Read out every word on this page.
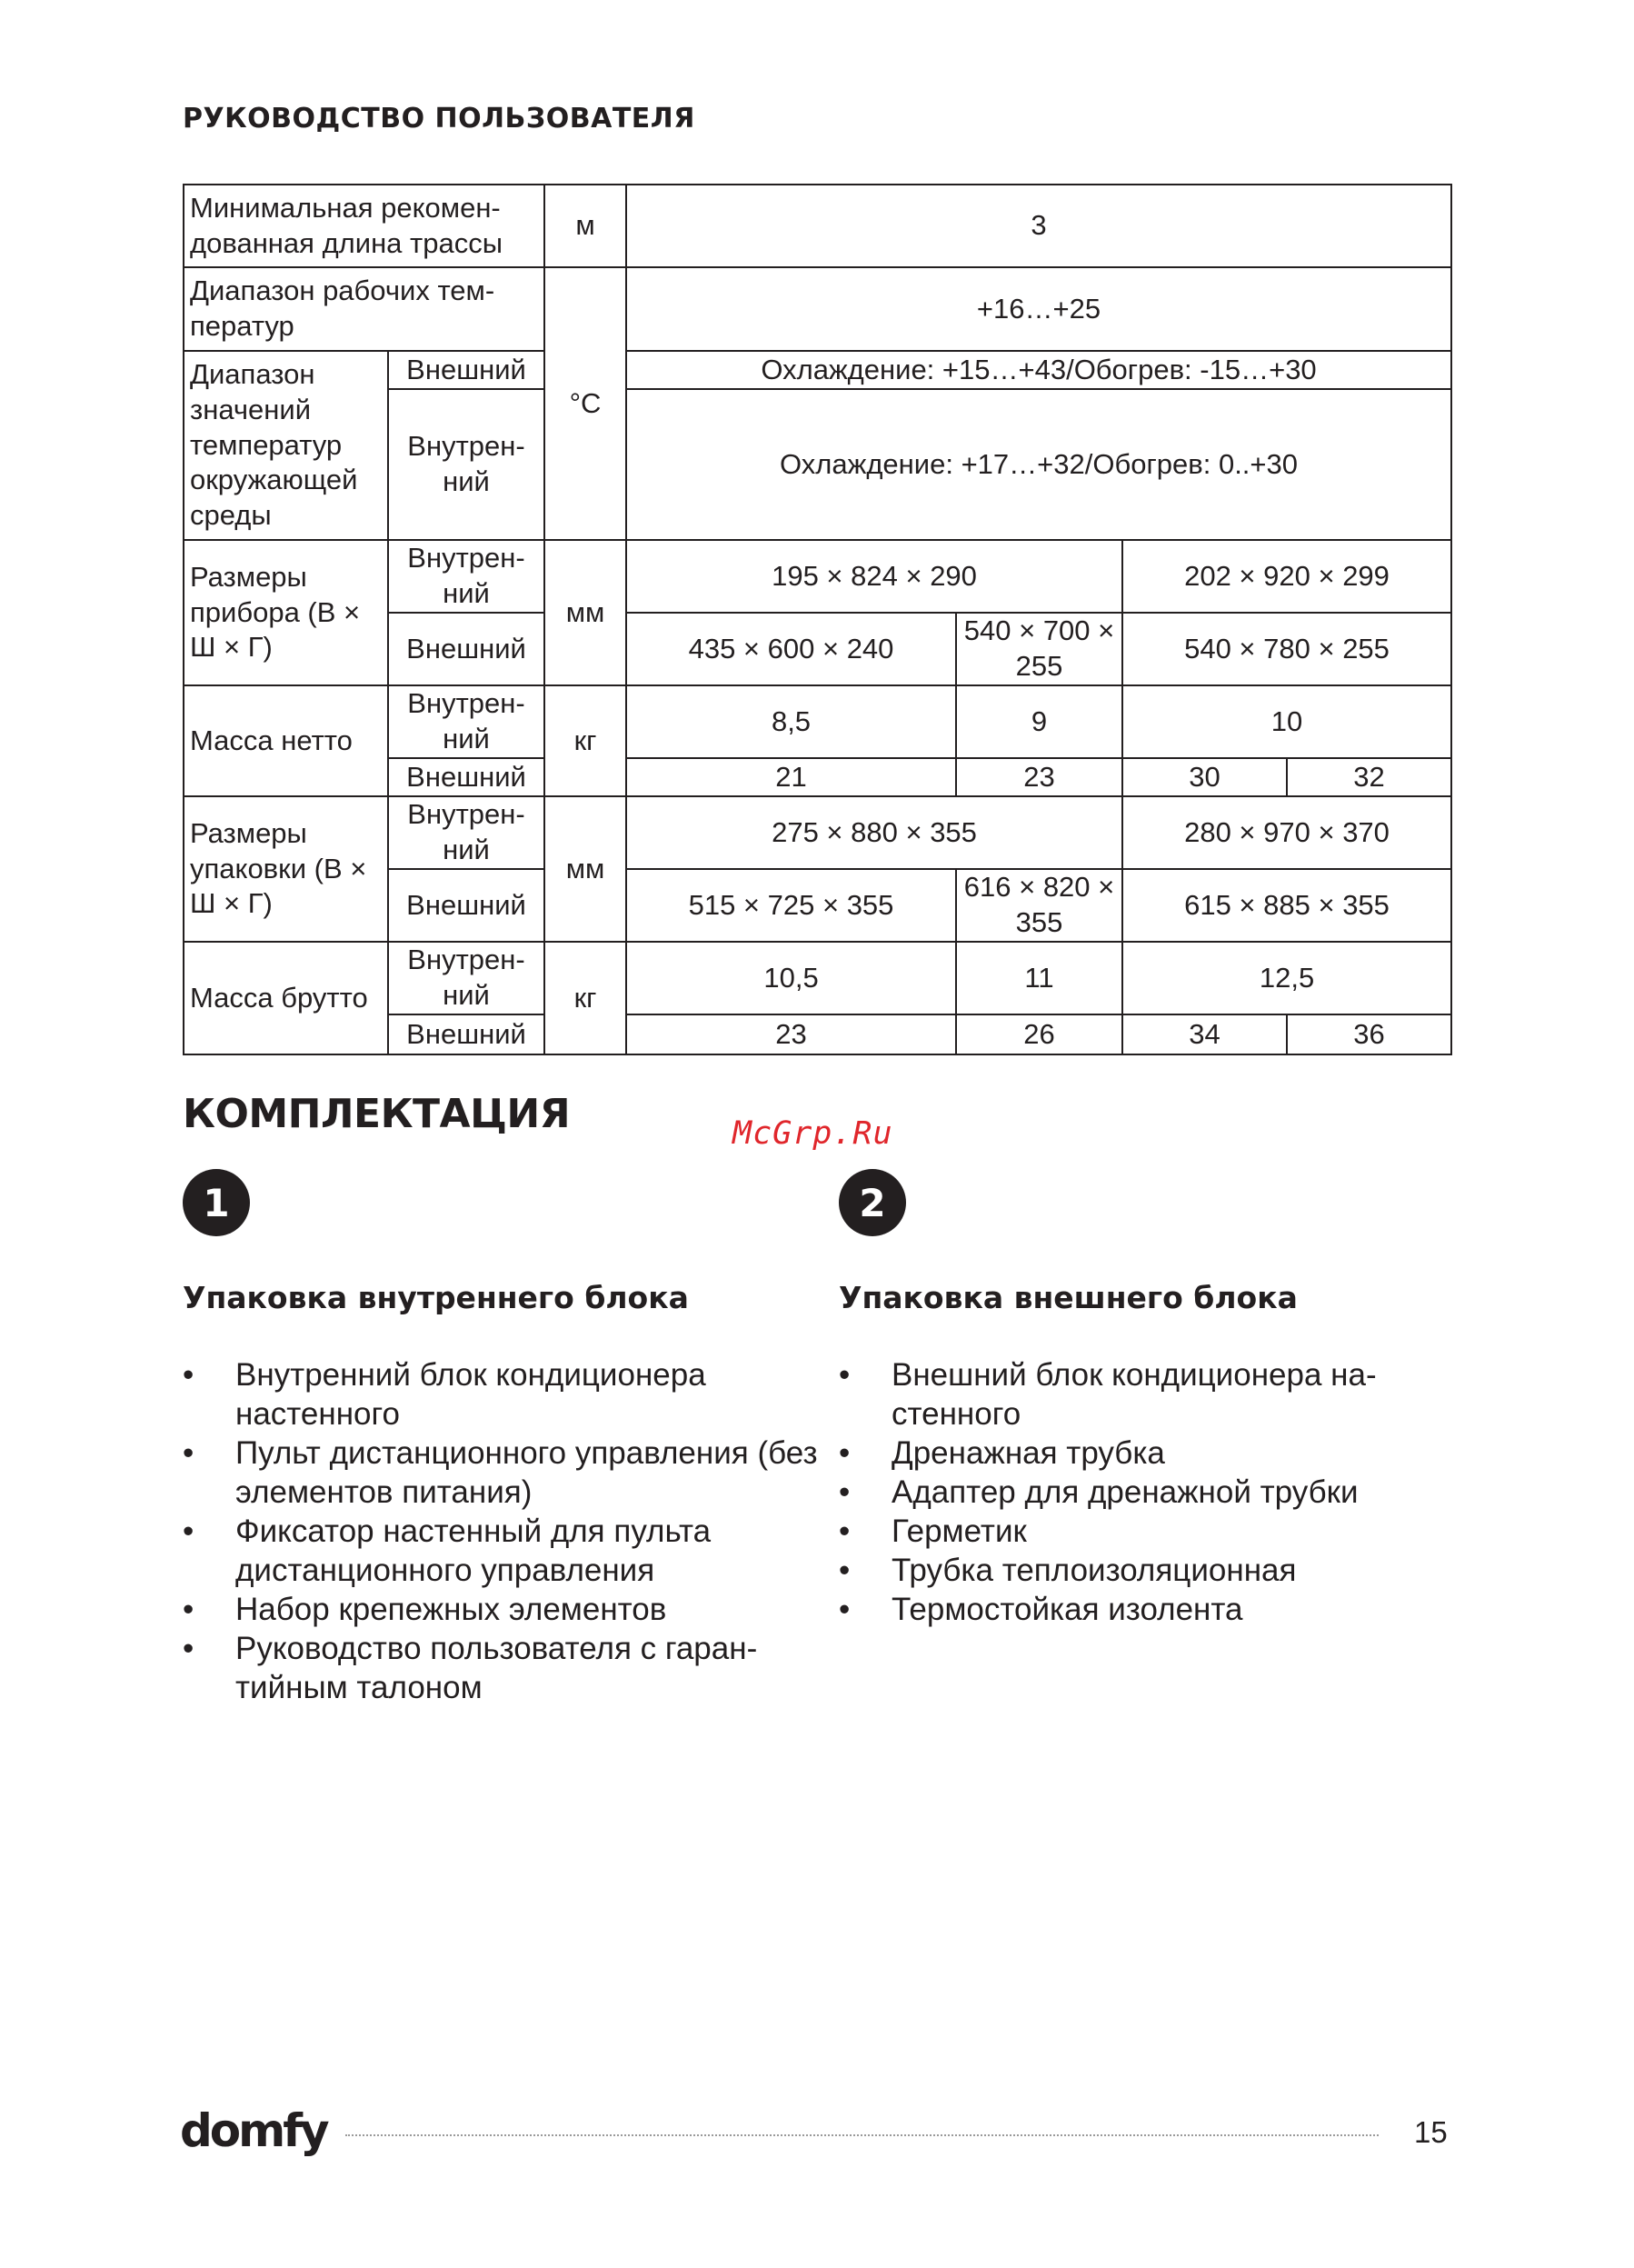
РУКОВОДСТВО ПОЛЬЗОВАТЕЛЯ
Минимальная рекомен-дованная длина трассы		м	3			
Диапазон рабочих тем-ператур		°C	+16…+25			
Диапазон значений температур окружающей среды	Внешний		Охлаждение: +15…+43/Обогрев: -15…+30			
	Внутрен-ний		Охлаждение: +17…+32/Обогрев: 0..+30			
Размеры прибора (В × Ш × Г)	Внутрен-ний	мм	195 × 824 × 290		202 × 920 × 299	
	Внешний		435 × 600 × 240	540 × 700 × 255	540 × 780 × 255	
Масса нетто	Внутрен-ний	кг	8,5	9	10	
	Внешний		21	23	30	32
Размеры упаковки (В × Ш × Г)	Внутрен-ний	мм	275 × 880 × 355		280 × 970 × 370	
	Внешний		515 × 725 × 355	616 × 820 × 355	615 × 885 × 355	
Масса брутто	Внутрен-ний	кг	10,5	11	12,5	
	Внешний		23	26	34	36
КОМПЛЕКТАЦИЯ	McGrp.Ru
1
Упаковка внутреннего блока
• Внутренний блок кондиционера настенного
• Пульт дистанционного управления (без элементов питания)
• Фиксатор настенный для пульта дистанционного управления
• Набор крепежных элементов
• Руководство пользователя с гаран-тийным талоном
2
Упаковка внешнего блока
• Внешний блок кондиционера на-стенного
• Дренажная трубка
• Адаптер для дренажной трубки
• Герметик
• Трубка теплоизоляционная
• Термостойкая изолента
domfy	15
